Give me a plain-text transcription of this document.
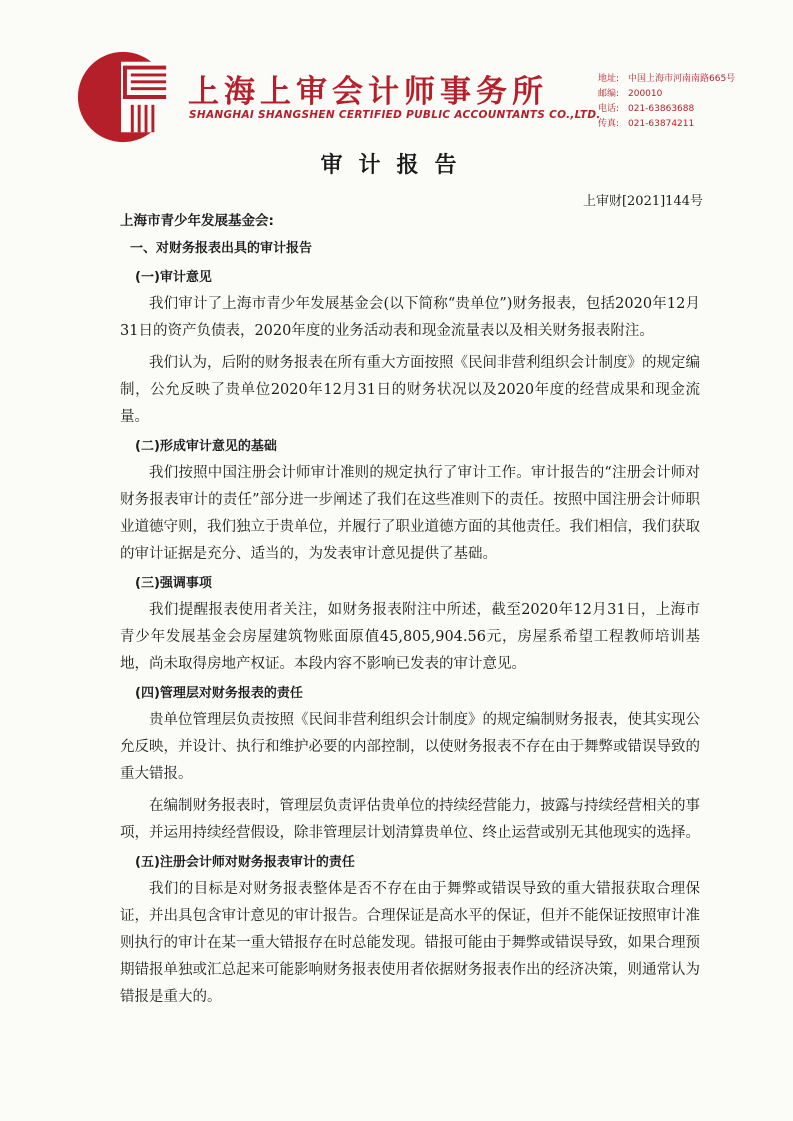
上海上审会计师事务所
SHANGHAI SHANGSHEN CERTIFIED PUBLIC ACCOUNTANTS CO.,LTD.
地址: 中国上海市河南南路665号
邮编: 200010
电话: 021-63863688
传真: 021-63874211
审计报告
上审财[2021]144号

上海市青少年发展基金会:

一、对财务报表出具的审计报告

(一)审计意见

我们审计了上海市青少年发展基金会(以下简称“贵单位”)财务报表，包括2020年12月31日的资产负债表，2020年度的业务活动表和现金流量表以及相关财务报表附注。

我们认为，后附的财务报表在所有重大方面按照《民间非营利组织会计制度》的规定编制，公允反映了贵单位2020年12月31日的财务状况以及2020年度的经营成果和现金流量。

(二)形成审计意见的基础

我们按照中国注册会计师审计准则的规定执行了审计工作。审计报告的“注册会计师对财务报表审计的责任”部分进一步阐述了我们在这些准则下的责任。按照中国注册会计师职业道德守则，我们独立于贵单位，并履行了职业道德方面的其他责任。我们相信，我们获取的审计证据是充分、适当的，为发表审计意见提供了基础。

(三)强调事项

我们提醒报表使用者关注，如财务报表附注中所述，截至2020年12月31日，上海市青少年发展基金会房屋建筑物账面原值45,805,904.56元，房屋系希望工程教师培训基地，尚未取得房地产权证。本段内容不影响已发表的审计意见。

(四)管理层对财务报表的责任

贵单位管理层负责按照《民间非营利组织会计制度》的规定编制财务报表，使其实现公允反映，并设计、执行和维护必要的内部控制，以使财务报表不存在由于舞弊或错误导致的重大错报。

在编制财务报表时，管理层负责评估贵单位的持续经营能力，披露与持续经营相关的事项，并运用持续经营假设，除非管理层计划清算贵单位、终止运营或别无其他现实的选择。

(五)注册会计师对财务报表审计的责任

我们的目标是对财务报表整体是否不存在由于舞弊或错误导致的重大错报获取合理保证，并出具包含审计意见的审计报告。合理保证是高水平的保证，但并不能保证按照审计准则执行的审计在某一重大错报存在时总能发现。错报可能由于舞弊或错误导致，如果合理预期错报单独或汇总起来可能影响财务报表使用者依据财务报表作出的经济决策，则通常认为错报是重大的。
